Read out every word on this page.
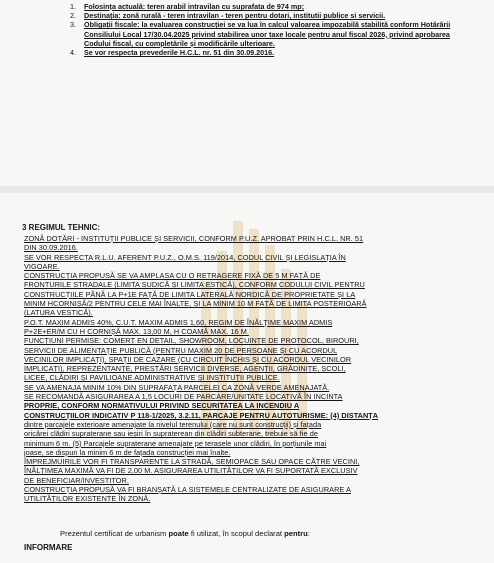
1. Folosința actuală: teren arabil intravilan cu suprafata de 974 mp;
2. Destinația: zonă rurală - teren intravilan - teren pentru dotari, institutii publice si servicii.
3. Obligații fiscale: la evaluarea construcţiei se va lua în calcul valoarea impozabilă stabilită conform Hotărârii Consiliului Local 17/30.04.2025 privind stabilirea unor taxe locale pentru anul fiscal 2026, privind aprobarea Codului fiscal, cu completările și modificările ulterioare.
4. Se vor respecta prevederile H.C.L. nr. 51 din 30.09.2016.
3 REGIMUL TEHNIC:

ZONĂ DOTĂRI - INSTITUȚII PUBLICE ȘI SERVICII, CONFORM P.U.Z. APROBAT PRIN H.C.L. NR. 51

DIN 30.09.2016.

SE VOR RESPECTA R.L.U. AFERENT P.U.Z., O.M.S. 119/2014, CODUL CIVIL ȘI LEGISLAȚIA ÎN

VIGOARE.

CONSTRUCȚIA PROPUSĂ SE VA AMPLASA CU O RETRAGERE FIXĂ DE 5 M FAȚĂ DE

FRONTURILE STRADALE (LIMITA SUDICĂ ȘI LIMITA ESTICĂ), CONFORM CODULUI CIVIL PENTRU

CONSTRUCȚIILE PÂNĂ LA P+1E FAȚĂ DE LIMITA LATERALĂ NORDICĂ DE PROPRIETATE ȘI LA

MINIM HCORNIȘĂ/2 PENTRU CELE MAI ÎNALTE, ȘI LA MINIM 10 M FAȚĂ DE LIMITA POSTERIOARĂ

(LATURA VESTICĂ).

P.O.T. MAXIM ADMIS 40%, C.U.T. MAXIM ADMIS 1,60, REGIM DE ÎNĂLȚIME MAXIM ADMIS

P+2E+ER/M CU H CORNIȘĂ MAX. 13,00 M, H COAMĂ MAX. 16 M.

FUNCȚIUNI PERMISE: COMERȚ EN DETAIL, SHOWROOM, LOCUINȚE DE PROTOCOL, BIROURI,

SERVICII DE ALIMENTAȚIE PUBLICĂ (PENTRU MAXIM 20 DE PERSOANE ȘI CU ACORDUL

VECINILOR IMPLICAȚI), SPAȚII DE CAZARE (CU CIRCUIT ÎNCHIS ȘI CU ACORDUL VECINILOR

IMPLICAȚI), REPREZENTANȚE, PRESTĂRI SERVICII DIVERSE, AGENȚII, GRĂDINIȚE, ȘCOLI,

LICEE, CLĂDIRI ȘI PAVILIOANE ADMINISTRATIVE ȘI INSTITUȚII PUBLICE.

SE VA AMENAJA MINIM 10% DIN SUPRAFAȚA PARCELEI CA ZONĂ VERDE AMENAJATĂ.

SE RECOMANDĂ ASIGURAREA A 1,5 LOCURI DE PARCARE/UNITATE LOCATIVĂ ÎN INCINTA

PROPRIE, CONFORM NORMATIVULUI PRIVIND SECURITATEA LA INCENDIU A

CONSTRUCȚIILOR INDICATIV P 118-1/2025, 3.2.11, PARCAJE PENTRU AUTOTURISME: (4) DISTANȚA

dintre parcajele exterioare amenajate la nivelul terenului (care nu sunt construcții) și fațada

oricărei clădiri supraterane sau ieșiri în supraterean din clădiri subterane, trebuie să fie de

minimum 6 m. (5) Parcajele supraterane amenajate pe terasele unor clădiri, în porțiunile mai

joase, se dispun la minim 6 m de fațada construcției mai înalte.

ÎMPREJMUIRILE VOR FI TRANSPARENTE LA STRADĂ, SEMIOPACE SAU OPACE CĂTRE VECINI,

ÎNĂLȚIMEA MAXIMĂ VA FI DE 2,00 M. ASIGURAREA UTILITĂȚILOR VA FI SUPORTATĂ EXCLUSIV

DE BENEFICIAR/INVESTITOR.

CONSTRUCȚIA PROPUSĂ VA FI BRANȘATĂ LA SISTEMELE CENTRALIZATE DE ASIGURARE A

UTILITĂȚILOR EXISTENTE ÎN ZONĂ.

Prezentul certificat de urbanism poate fi utilizat, în scopul declarat pentru:
INFORMARE
